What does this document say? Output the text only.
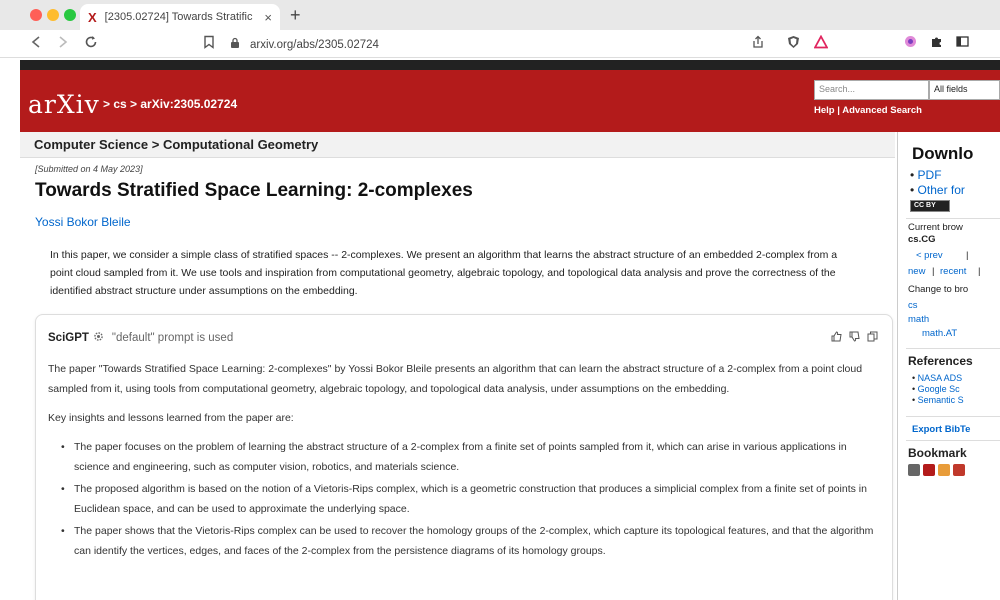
X [2305.02724] Towards Stratific × +
arxiv.org/abs/2305.02724
arXiv > cs > arXiv:2305.02724
Search...	All fields
Help | Advanced Search
Computer Science > Computational Geometry
[Submitted on 4 May 2023]
Towards Stratified Space Learning: 2-complexes
Yossi Bokor Bleile
In this paper, we consider a simple class of stratified spaces -- 2-complexes. We present an algorithm that learns the abstract structure of an embedded 2-complex from a point cloud sampled from it. We use tools and inspiration from computational geometry, algebraic topology, and topological data analysis and prove the correctness of the identified abstract structure under assumptions on the embedding.
SciGPT "default" prompt is used

The paper "Towards Stratified Space Learning: 2-complexes" by Yossi Bokor Bleile presents an algorithm that can learn the abstract structure of a 2-complex from a point cloud sampled from it, using tools from computational geometry, algebraic topology, and topological data analysis, under assumptions on the embedding.

Key insights and lessons learned from the paper are:

• The paper focuses on the problem of learning the abstract structure of a 2-complex from a finite set of points sampled from it, which can arise in various applications in science and engineering, such as computer vision, robotics, and materials science.
• The proposed algorithm is based on the notion of a Vietoris-Rips complex, which is a geometric construction that produces a simplicial complex from a finite set of points in Euclidean space, and can be used to approximate the underlying space.
• The paper shows that the Vietoris-Rips complex can be used to recover the homology groups of the 2-complex, which capture its topological features, and that the algorithm can identify the vertices, edges, and faces of the 2-complex from the persistence diagrams of its homology groups.
Downlo
• PDF
• Other for
CC BY
Current brow
cs.CG
< prev |
new | recent |
Change to bro
cs
math
math.AT
References
• NASA ADS
• Google Sc
• Semantic S
Export BibTe
Bookmark
